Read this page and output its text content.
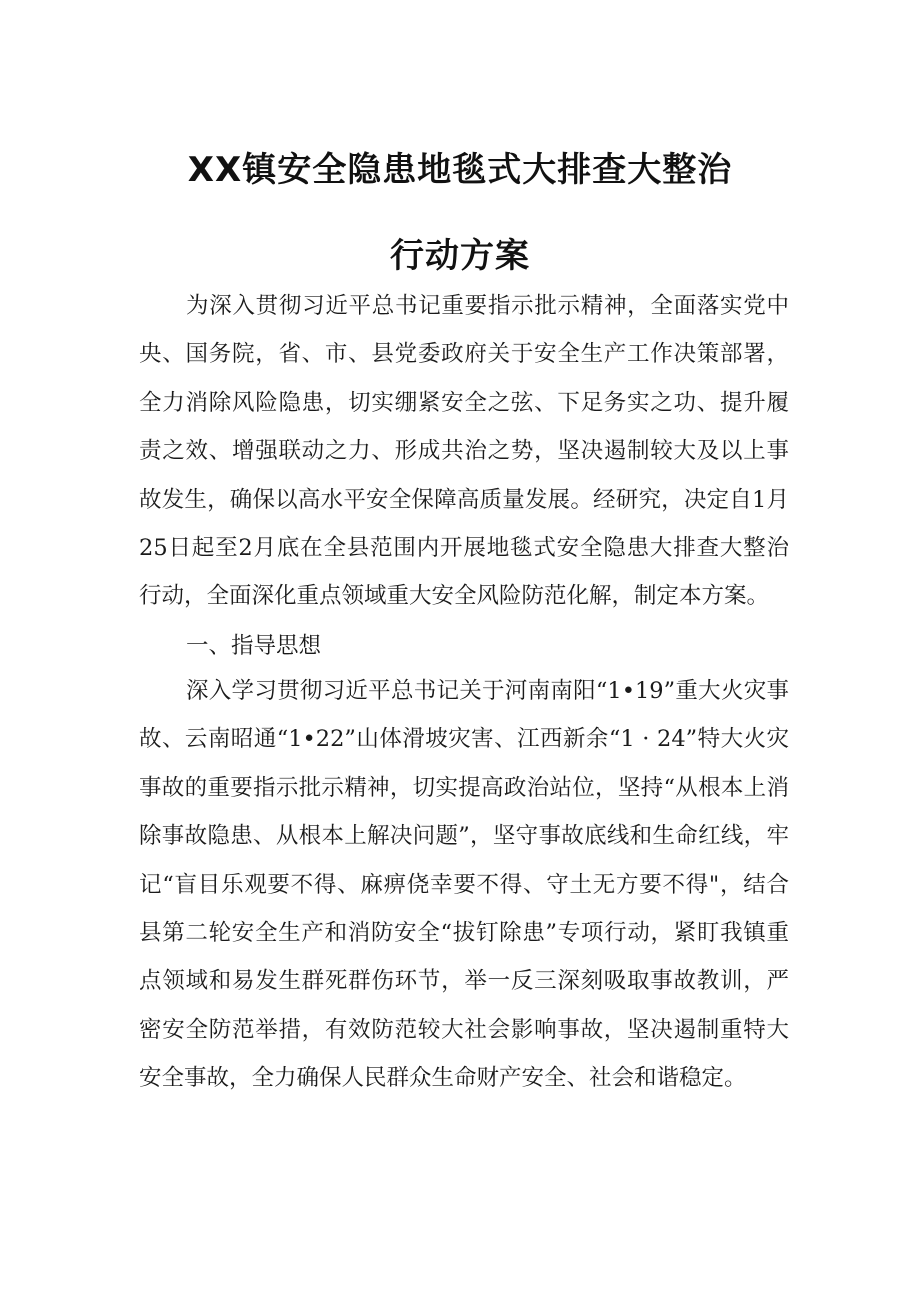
XX镇安全隐患地毯式大排查大整治
行动方案

为深入贯彻习近平总书记重要指示批示精神，全面落实党中央、国务院，省、市、县党委政府关于安全生产工作决策部署，全力消除风险隐患，切实绷紧安全之弦、下足务实之功、提升履责之效、增强联动之力、形成共治之势，坚决遏制较大及以上事故发生，确保以高水平安全保障高质量发展。经研究，决定自1月25日起至2月底在全县范围内开展地毯式安全隐患大排查大整治行动，全面深化重点领域重大安全风险防范化解，制定本方案。

一、指导思想

深入学习贯彻习近平总书记关于河南南阳“1•19”重大火灾事故、云南昭通“1•22”山体滑坡灾害、江西新余“1 · 24”特大火灾事故的重要指示批示精神，切实提高政治站位，坚持“从根本上消除事故隐患、从根本上解决问题”，坚守事故底线和生命红线，牢记“盲目乐观要不得、麻痹侥幸要不得、守土无方要不得"，结合县第二轮安全生产和消防安全“拔钉除患”专项行动，紧盯我镇重点领域和易发生群死群伤环节，举一反三深刻吸取事故教训，严密安全防范举措，有效防范较大社会影响事故，坚决遏制重特大安全事故，全力确保人民群众生命财产安全、社会和谐稳定。
